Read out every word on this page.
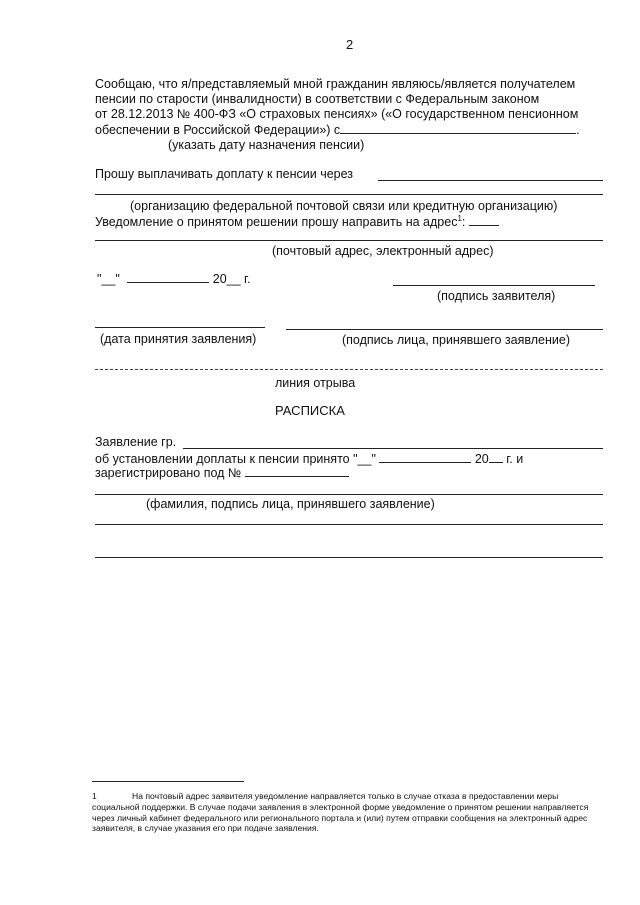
2
Сообщаю, что я/представляемый мной гражданин являюсь/является получателем
пенсии по старости (инвалидности) в соответствии с Федеральным законом
от 28.12.2013 № 400-ФЗ «О страховых пенсиях» («О государственном пенсионном
обеспечении в Российской Федерации») с	.
(указать дату назначения пенсии)
Прошу выплачивать доплату к пенсии через
(организацию федеральной почтовой связи или кредитную организацию)
Уведомление о принятом решении прошу направить на адрес$^1$:
(почтовый адрес, электронный адрес)
"__"	20__ г.
(подпись заявителя)
(дата принятия заявления)	(подпись лица, принявшего заявление)
линия отрыва
РАСПИСКА
Заявление гр.
об установлении доплаты к пенсии принято "__"	20 г. и
зарегистрировано под №
(фамилия, подпись лица, принявшего заявление)
1	На почтовый адрес заявителя уведомление направляется только в случае отказа в предоставлении меры социальной поддержки. В случае подачи заявления в электронной форме уведомление о принятом решении направляется через личный кабинет федерального или регионального портала и (или) путем отправки сообщения на электронный адрес заявителя, в случае указания его при подаче заявления.
